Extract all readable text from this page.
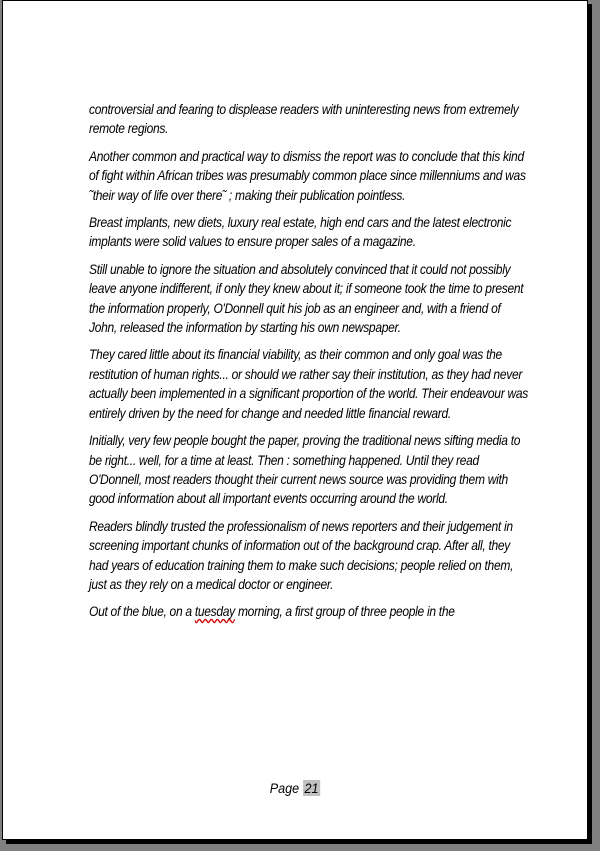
controversial and fearing to displease readers with uninteresting news from extremely remote regions.

Another common and practical way to dismiss the report was to conclude that this kind of fight within African tribes was presumably common place since millenniums and was ˜their way of life over there˜ ; making their publication pointless.

Breast implants, new diets, luxury real estate, high end cars and the latest electronic implants were solid values to ensure proper sales of a magazine.

Still unable to ignore the situation and absolutely convinced that it could not possibly leave anyone indifferent, if only they knew about it; if someone took the time to present the information properly, O'Donnell quit his job as an engineer and, with a friend of John, released the information by starting his own newspaper.

They cared little about its financial viability, as their common and only goal was the restitution of human rights... or should we rather say their institution, as they had never actually been implemented in a significant proportion of the world. Their endeavour was entirely driven by the need for change and needed little financial reward.

Initially, very few people bought the paper, proving the traditional news sifting media to be right... well, for a time at least. Then : something happened. Until they read O'Donnell, most readers thought their current news source was providing them with good information about all important events occurring around the world.

Readers blindly trusted the professionalism of news reporters and their judgement in screening important chunks of information out of the background crap. After all, they had years of education training them to make such decisions; people relied on them, just as they rely on a medical doctor or engineer.

Out of the blue, on a tuesday morning, a first group of three people in the

Page 21
